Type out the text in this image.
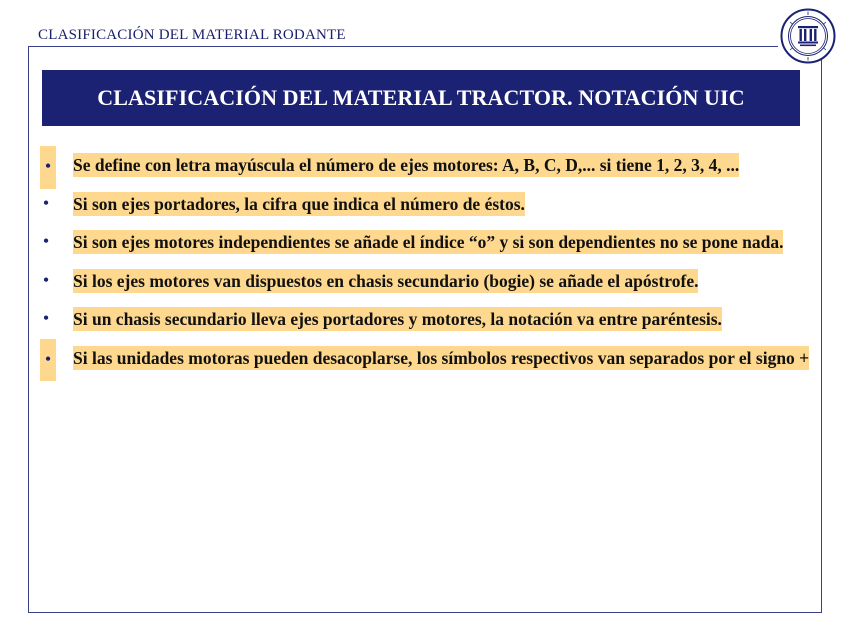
CLASIFICACIÓN DEL MATERIAL RODANTE
CLASIFICACIÓN DEL MATERIAL TRACTOR. NOTACIÓN UIC
• Se define con letra mayúscula el número de ejes motores: A, B, C, D,... si tiene 1, 2, 3, 4, ...
• Si son ejes portadores, la cifra que indica el número de éstos.
• Si son ejes motores independientes se añade el índice “o” y si son dependientes no se pone nada.
• Si los ejes motores van dispuestos en chasis secundario (bogie) se añade el apóstrofe.
• Si un chasis secundario lleva ejes portadores y motores, la notación va entre paréntesis.
• Si las unidades motoras pueden desacoplarse, los símbolos respectivos van separados por el signo +
